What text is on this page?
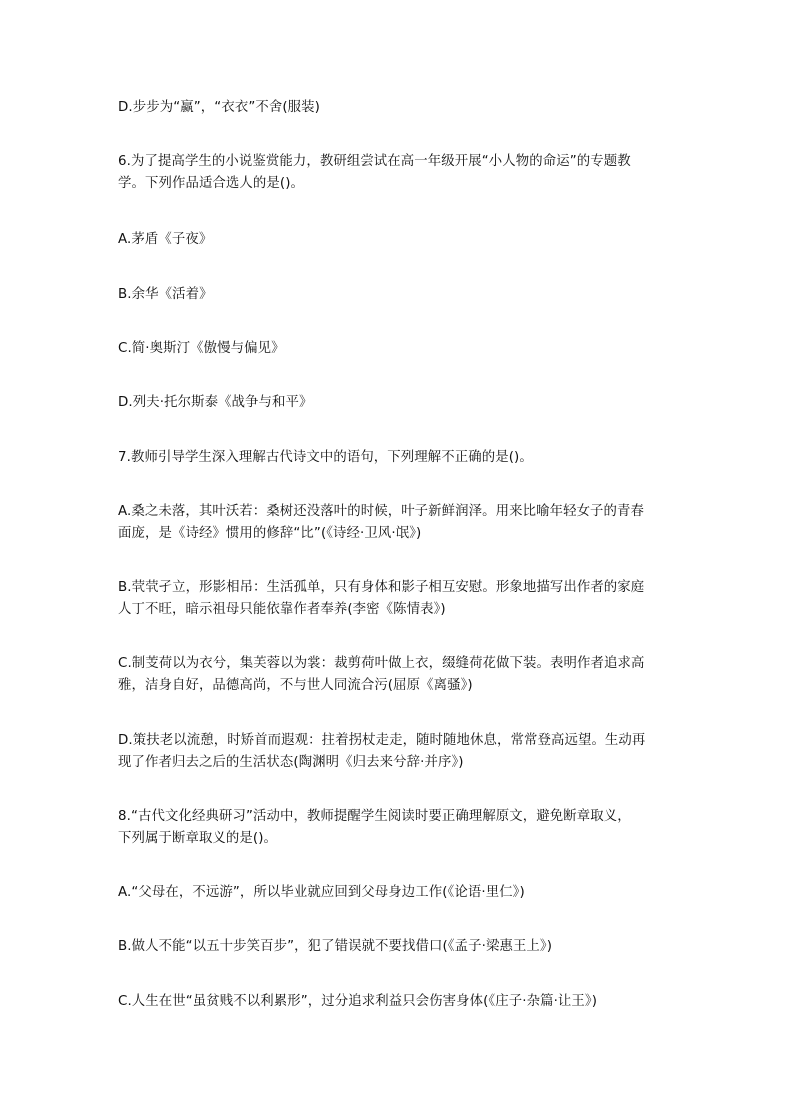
D.步步为“赢”，“衣衣”不舍(服装)
6.为了提高学生的小说鉴赏能力，教研组尝试在高一年级开展“小人物的命运”的专题教
学。下列作品适合选人的是()。
A.茅盾《子夜》
B.余华《活着》
C.简·奥斯汀《傲慢与偏见》
D.列夫·托尔斯泰《战争与和平》
7.教师引导学生深入理解古代诗文中的语句，下列理解不正确的是()。
A.桑之未落，其叶沃若：桑树还没落叶的时候，叶子新鲜润泽。用来比喻年轻女子的青春
面庞，是《诗经》惯用的修辞“比”(《诗经·卫风·氓》)
B.茕茕孑立，形影相吊：生活孤单，只有身体和影子相互安慰。形象地描写出作者的家庭
人丁不旺，暗示祖母只能依靠作者奉养(李密《陈情表》)
C.制芰荷以为衣兮，集芙蓉以为裳：裁剪荷叶做上衣，缀缝荷花做下装。表明作者追求高
雅，洁身自好，品德高尚，不与世人同流合污(屈原《离骚》)
D.策扶老以流憩，时矫首而遐观：拄着拐杖走走，随时随地休息，常常登高远望。生动再
现了作者归去之后的生活状态(陶渊明《归去来兮辞·并序》)
8.“古代文化经典研习”活动中，教师提醒学生阅读时要正确理解原文，避免断章取义，
下列属于断章取义的是()。
A.“父母在，不远游”，所以毕业就应回到父母身边工作(《论语·里仁》)
B.做人不能“以五十步笑百步”，犯了错误就不要找借口(《孟子·梁惠王上》)
C.人生在世“虽贫贱不以利累形”，过分追求利益只会伤害身体(《庄子·杂篇·让王》)
